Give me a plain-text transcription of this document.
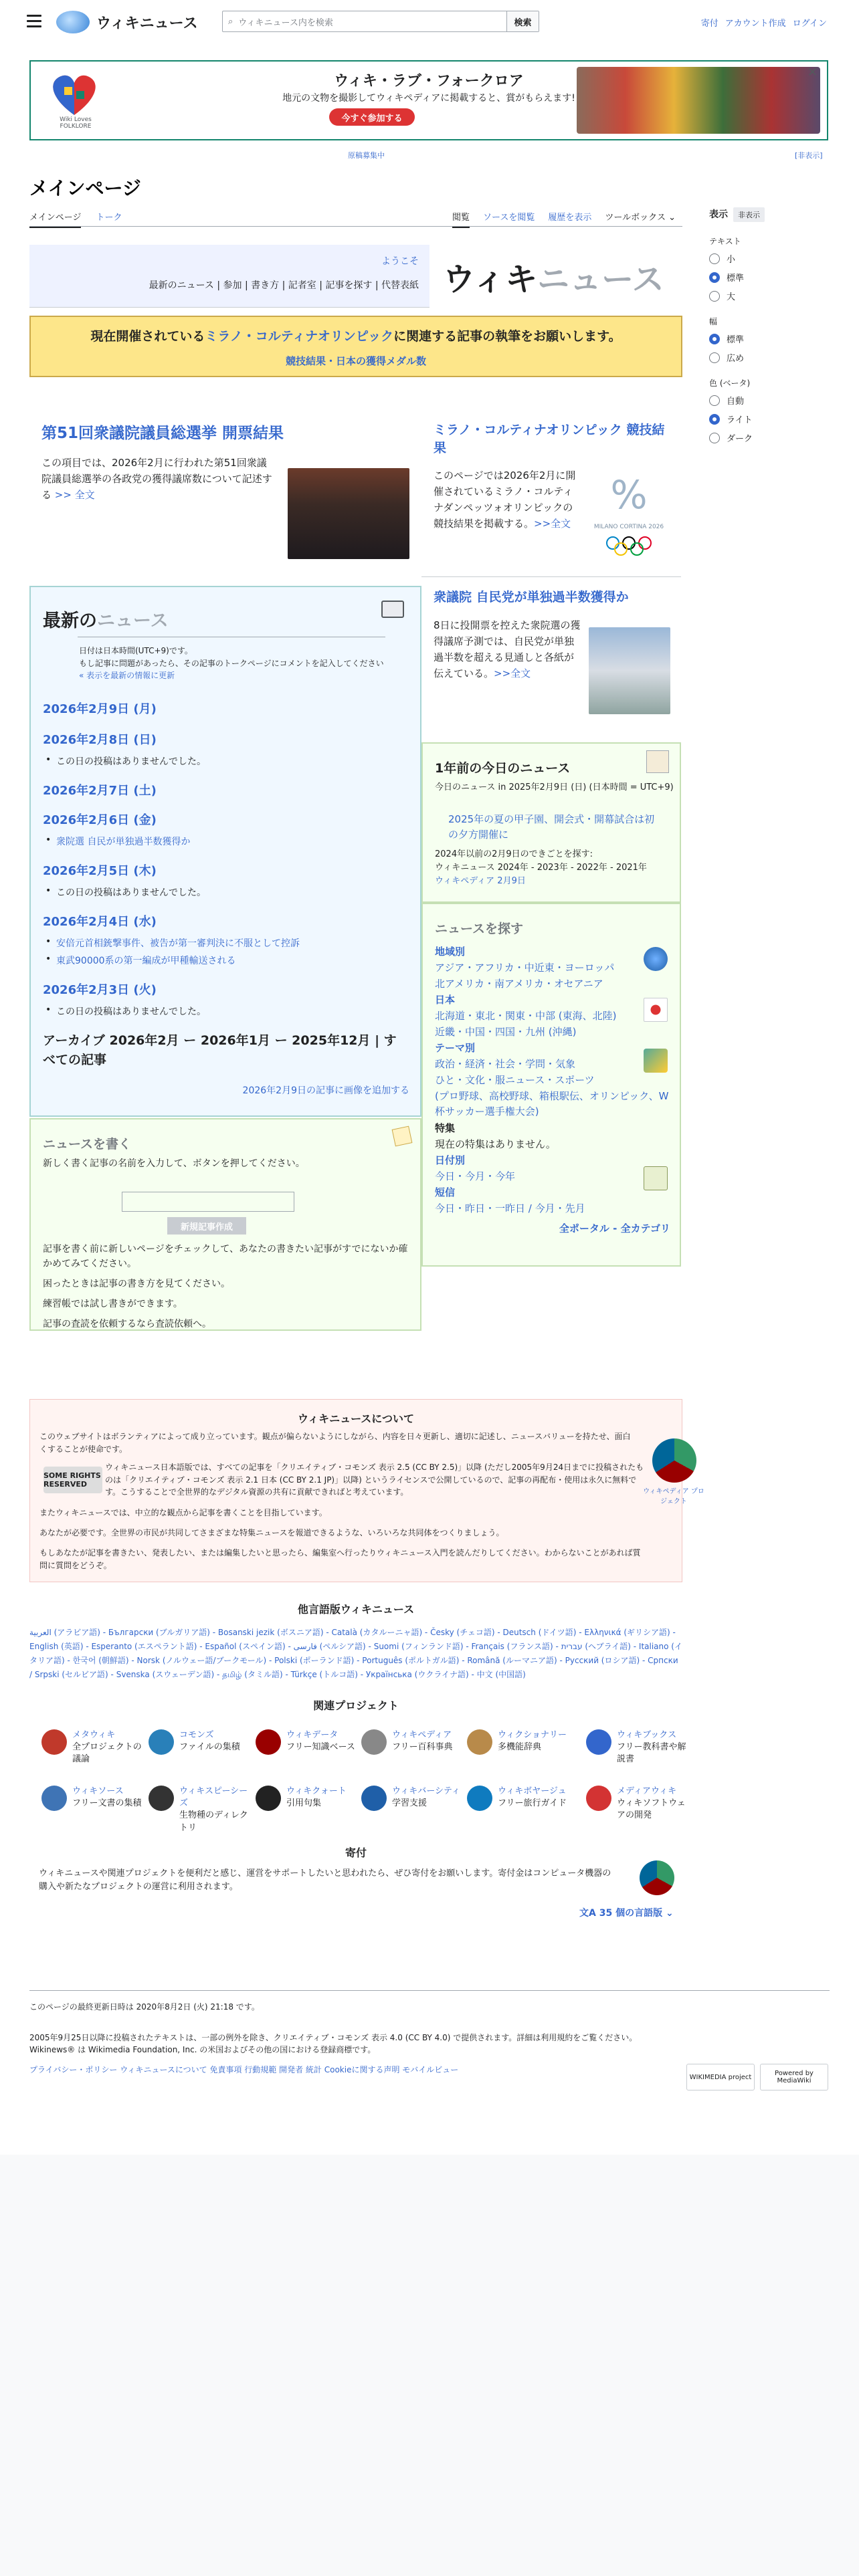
ウィキニュース	⌕ ウィキニュース内を検索	検索	寄付 アカウント作成 ログイン
Wiki Loves FOLKLORE
ウィキ・ラブ・フォークロア
地元の文物を撮影してウィキペディアに掲載すると、賞がもらえます!
今すぐ参加する
✕
原稿募集中	[非表示]
メインページ
メインページ トーク	閲覧 ソースを閲覧 履歴を表示 ツールボックス ⌄	表示 非表示
テキスト
小
標準
大
幅
標準
広め
色 (ベータ)
自動
ライト
ダーク
ようこそ
最新のニュース | 参加 | 書き方 | 記者室 | 記事を探す | 代替表紙 ウィキ ニュース
現在開催されているミラノ・コルティナオリンピックに関連する記事の執筆をお願いします。
競技結果・日本の獲得メダル数
第51回衆議院議員総選挙 開票結果
この項目では、2026年2月に行われた第51回衆議院議員総選挙の各政党の獲得議席数について記述する >> 全文
ミラノ・コルティナオリンピック 競技結果
このページでは2026年2月に開催されているミラノ・コルティナダンペッツォオリンピックの競技結果を掲載する。>>全文
%
MILANO CORTINA 2026
衆議院 自民党が単独過半数獲得か
8日に投開票を控えた衆院選の獲得議席予測では、自民党が単独過半数を超える見通しと各紙が伝えている。>>全文
最新のニュース
日付は日本時間(UTC+9)です。
もし記事に問題があったら、その記事のトークページにコメントを記入してください
« 表示を最新の情報に更新
2026年2月9日 (月)
2026年2月8日 (日)
• この日の投稿はありませんでした。
2026年2月7日 (土)
2026年2月6日 (金)
• 衆院選 自民が単独過半数獲得か
2026年2月5日 (木)
• この日の投稿はありませんでした。
2026年2月4日 (水)
• 安倍元首相銃撃事件、被告が第一審判決に不服として控訴
• 東武90000系の第一編成が甲種輸送される
2026年2月3日 (火)
• この日の投稿はありませんでした。
アーカイブ 2026年2月 ー 2026年1月 ー 2025年12月 | すべての記事
2026年2月9日の記事に画像を追加する
ニュースを書く

新しく書く記事の名前を入力して、ボタンを押してください。

新規記事作成

記事を書く前に新しいページをチェックして、あなたの書きたい記事がすでにないか確かめてみてください。

困ったときは記事の書き方を見てください。

練習帳では試し書きができます。

記事の査読を依頼するなら査読依頼へ。

1年前の今日のニュース
今日のニュース in 2025年2月9日 (日) (日本時間 = UTC+9)
2025年の夏の甲子園、開会式・開幕試合は初の夕方開催に
2024年以前の2月9日のできごとを探す:
ウィキニュース 2024年 - 2023年 - 2022年 - 2021年
ウィキペディア 2月9日
ニュースを探す
地域別
アジア・アフリカ・中近東・ヨーロッパ
北アメリカ・南アメリカ・オセアニア
日本
北海道・東北・関東・中部 (東海、北陸)
近畿・中国・四国・九州 (沖縄)
テーマ別
政治・経済・社会・学問・気象
ひと・文化・服ニュース・スポーツ
(プロ野球、高校野球、箱根駅伝、オリンピック、W杯サッカー選手権大会)
特集
現在の特集はありません。
日付別
今日・今月・今年
短信
今日・昨日・一昨日 / 今月・先月
全ポータル - 全カテゴリ
ウィキニュースについて

このウェブサイトはボランティアによって成り立っています。観点が偏らないようにしながら、内容を日々更新し、適切に記述し、ニュースバリューを持たせ、面白くすることが使命です。

SOME RIGHTS RESERVED

ウィキニュース日本語版では、すべての記事を「クリエイティブ・コモンズ 表示 2.5 (CC BY 2.5)」以降 (ただし2005年9月24日までに投稿されたものは「クリエイティブ・コモンズ 表示 2.1 日本 (CC BY 2.1 JP)」以降) というライセンスで公開しているので、記事の再配布・使用は永久に無料です。こうすることで全世界的なデジタル資源の共有に貢献できればと考えています。

またウィキニュースでは、中立的な観点から記事を書くことを目指しています。

あなたが必要です。全世界の市民が共同してさまざまな特集ニュースを報道できるような、いろいろな共同体をつくりましょう。

もしあなたが記事を書きたい、発表したい、または編集したいと思ったら、編集室へ行ったりウィキニュース入門を読んだりしてください。わからないことがあれば質問に質問をどうぞ。

ウィキペディア プロジェクト
他言語版ウィキニュース

العربية (アラビア語) - Български (ブルガリア語) - Bosanski jezik (ボスニア語) - Català (カタルーニャ語) - Česky (チェコ語) - Deutsch (ドイツ語) - Ελληνικά (ギリシア語) - English (英語) - Esperanto (エスペラント語) - Español (スペイン語) - فارسی (ペルシア語) - Suomi (フィンランド語) - Français (フランス語) - עברית (ヘブライ語) - Italiano (イタリア語) - 한국어 (朝鮮語) - Norsk (ノルウェー語/ブークモール) - Polski (ポーランド語) - Português (ポルトガル語) - Română (ルーマニア語) - Русский (ロシア語) - Српски / Srpski (セルビア語) - Svenska (スウェーデン語) - தமிழ் (タミル語) - Türkçe (トルコ語) - Українська (ウクライナ語) - 中文 (中国語)

関連プロジェクト
メタウィキ
全プロジェクトの議論
コモンズ
ファイルの集積
ウィキデータ
フリー知識ベース
ウィキペディア
フリー百科事典
ウィクショナリー
多機能辞典
ウィキブックス
フリー教科書や解説書
ウィキソース
フリー文書の集積
ウィキスピーシーズ
生物種のディレクトリ
ウィキクォート
引用句集
ウィキバーシティ
学習支援
ウィキボヤージュ
フリー旅行ガイド
メディアウィキ
ウィキソフトウェアの開発
寄付

ウィキニュースや関連プロジェクトを便利だと感じ、運営をサポートしたいと思われたら、ぜひ寄付をお願いします。寄付金はコンピュータ機器の購入や新たなプロジェクトの運営に利用されます。

文A 35 個の言語版 ⌄
このページの最終更新日時は 2020年8月2日 (火) 21:18 です。
2005年9月25日以降に投稿されたテキストは、一部の例外を除き、クリエイティブ・コモンズ 表示 4.0 (CC BY 4.0) で提供されます。詳細は利用規約をご覧ください。
Wikinews® は Wikimedia Foundation, Inc. の米国およびその他の国における登録商標です。
プライバシー・ポリシー ウィキニュースについて 免責事項 行動規範 開発者 統計 Cookieに関する声明 モバイルビュー
WIKIMEDIA project	Powered by MediaWiki
